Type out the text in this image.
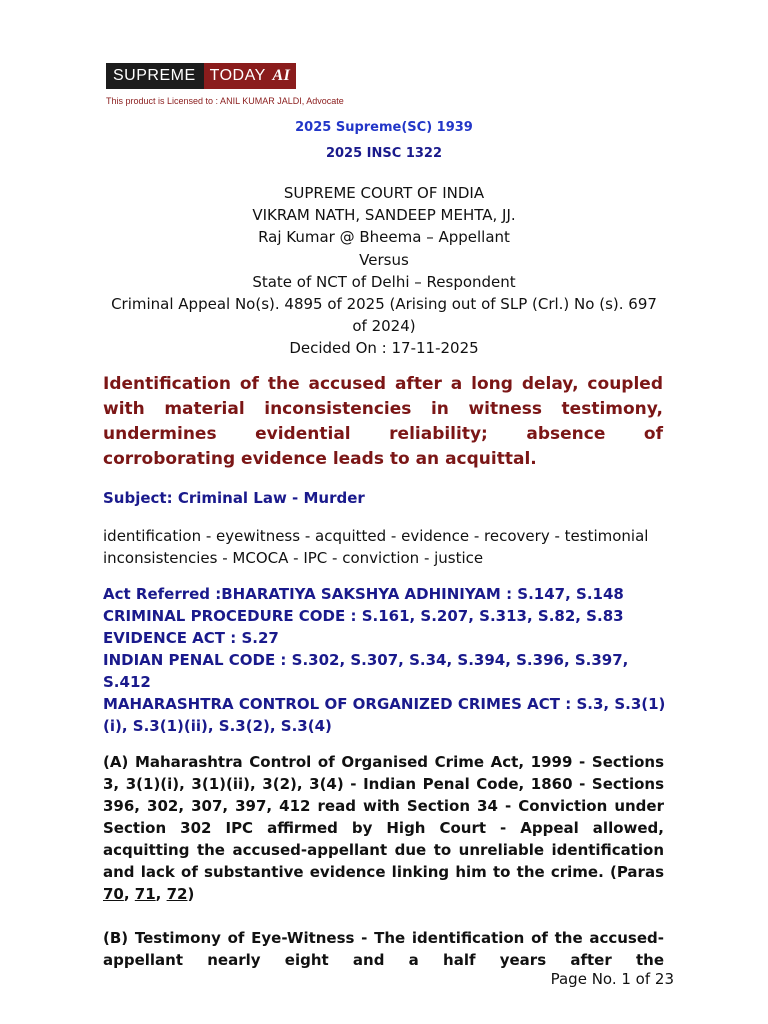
SUPREME TODAY AI
This product is Licensed to : ANIL KUMAR JALDI, Advocate
2025 Supreme(SC) 1939
2025 INSC 1322
SUPREME COURT OF INDIA
VIKRAM NATH, SANDEEP MEHTA, JJ.
Raj Kumar @ Bheema – Appellant
Versus
State of NCT of Delhi – Respondent
Criminal Appeal No(s). 4895 of 2025 (Arising out of SLP (Crl.) No (s). 697 of 2024)
Decided On : 17-11-2025
Identification of the accused after a long delay, coupled with material inconsistencies in witness testimony, undermines evidential reliability; absence of corroborating evidence leads to an acquittal.
Subject: Criminal Law - Murder
identification - eyewitness - acquitted - evidence - recovery - testimonial inconsistencies - MCOCA - IPC - conviction - justice
Act Referred :BHARATIYA SAKSHYA ADHINIYAM : S.147, S.148
CRIMINAL PROCEDURE CODE : S.161, S.207, S.313, S.82, S.83
EVIDENCE ACT : S.27
INDIAN PENAL CODE : S.302, S.307, S.34, S.394, S.396, S.397, S.412
MAHARASHTRA CONTROL OF ORGANIZED CRIMES ACT : S.3, S.3(1)(i), S.3(1)(ii), S.3(2), S.3(4)
(A) Maharashtra Control of Organised Crime Act, 1999 - Sections 3, 3(1)(i), 3(1)(ii), 3(2), 3(4) - Indian Penal Code, 1860 - Sections 396, 302, 307, 397, 412 read with Section 34 - Conviction under Section 302 IPC affirmed by High Court - Appeal allowed, acquitting the accused-appellant due to unreliable identification and lack of substantive evidence linking him to the crime. (Paras 70, 71, 72)
(B) Testimony of Eye-Witness - The identification of the accused-appellant nearly eight and a half years after the
Page No. 1 of 23
